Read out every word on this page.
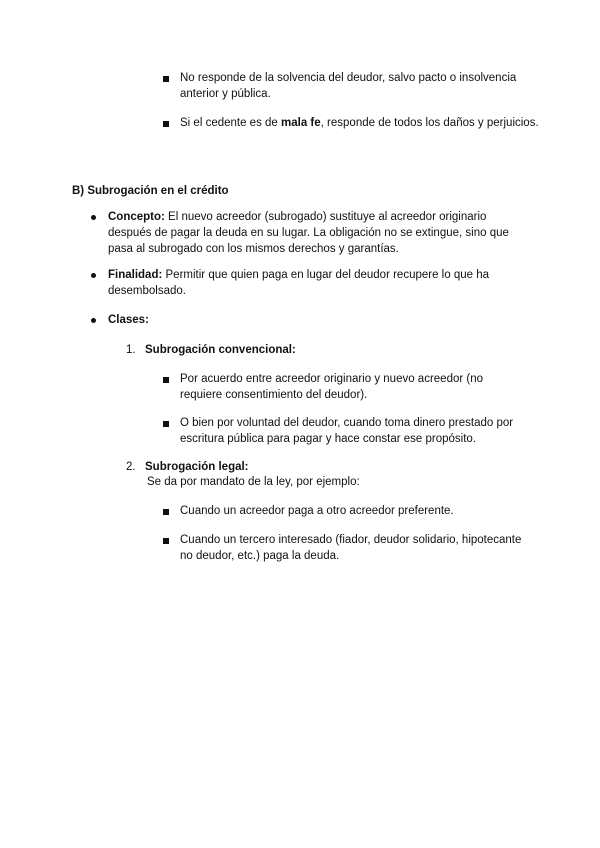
No responde de la solvencia del deudor, salvo pacto o insolvencia anterior y pública.
Si el cedente es de mala fe, responde de todos los daños y perjuicios.
B) Subrogación en el crédito
Concepto: El nuevo acreedor (subrogado) sustituye al acreedor originario después de pagar la deuda en su lugar. La obligación no se extingue, sino que pasa al subrogado con los mismos derechos y garantías.
Finalidad: Permitir que quien paga en lugar del deudor recupere lo que ha desembolsado.
Clases:
1. Subrogación convencional:
Por acuerdo entre acreedor originario y nuevo acreedor (no requiere consentimiento del deudor).
O bien por voluntad del deudor, cuando toma dinero prestado por escritura pública para pagar y hace constar ese propósito.
2. Subrogación legal:
Se da por mandato de la ley, por ejemplo:
Cuando un acreedor paga a otro acreedor preferente.
Cuando un tercero interesado (fiador, deudor solidario, hipotecante no deudor, etc.) paga la deuda.
